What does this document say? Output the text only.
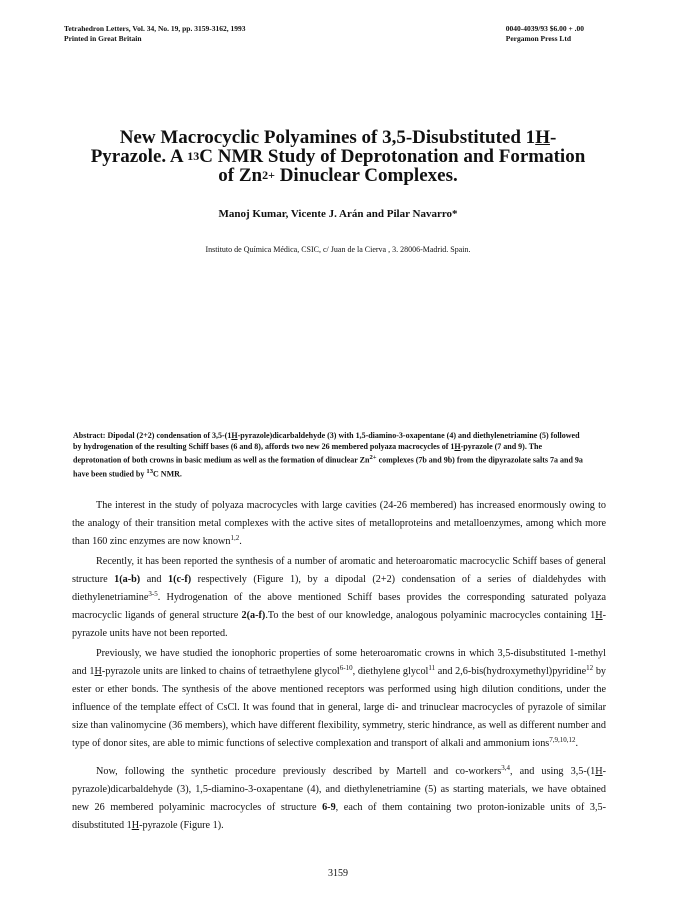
Tetrahedron Letters, Vol. 34, No. 19, pp. 3159-3162, 1993
Printed in Great Britain
0040-4039/93 $6.00 + .00
Pergamon Press Ltd
New Macrocyclic Polyamines of 3,5-Disubstituted 1H-
Pyrazole. A $^{13}$C NMR Study of Deprotonation and Formation
of $Zn^{2+}$ Dinuclear Complexes.
Manoj Kumar, Vicente J. Arán and Pilar Navarro*
Instituto de Química Médica, CSIC, c/ Juan de la Cierva , 3. 28006-Madrid. Spain.
Abstract: Dipodal (2+2) condensation of 3,5-(1H-pyrazole)dicarbaldehyde (3) with 1,5-diamino-3-oxapentane (4) and diethylenetriamine (5) followed by hydrogenation of the resulting Schiff bases (6 and 8), affords two new 26 membered polyaza macrocycles of 1H-pyrazole (7 and 9). The deprotonation of both crowns in basic medium as well as the formation of dinuclear $Zn^{2+}$ complexes (7b and 9b) from the dipyrazolate salts 7a and 9a have been studied by $^{13}$C NMR.

The interest in the study of polyaza macrocycles with large cavities (24-26 membered) has increased enormously owing to the analogy of their transition metal complexes with the active sites of metalloproteins and metalloenzymes, among which more than 160 zinc enzymes are now known$^{1,2}$.

Recently, it has been reported the synthesis of a number of aromatic and heteroaromatic macrocyclic Schiff bases of general structure 1(a-b) and 1(c-f) respectively (Figure 1), by a dipodal (2+2) condensation of a series of dialdehydes with diethylenetriamine$^{3-5}$. Hydrogenation of the above mentioned Schiff bases provides the corresponding saturated polyaza macrocyclic ligands of general structure 2(a-f).To the best of our knowledge, analogous polyaminic macrocycles containing 1H-pyrazole units have not been reported.

Previously, we have studied the ionophoric properties of some heteroaromatic crowns in which 3,5-disubstituted 1-methyl and 1H-pyrazole units are linked to chains of tetraethylene glycol$^{6-10}$, diethylene glycol$^{11}$ and 2,6-bis(hydroxymethyl)pyridine$^{12}$ by ester or ether bonds. The synthesis of the above mentioned receptors was performed using high dilution conditions, under the influence of the template effect of CsCl. It was found that in general, large di- and trinuclear macrocycles of pyrazole of similar size than valinomycine (36 members), which have different flexibility, symmetry, steric hindrance, as well as different number and type of donor sites, are able to mimic functions of selective complexation and transport of alkali and ammonium ions$^{7,9,10,12}$.

Now, following the synthetic procedure previously described by Martell and co-workers$^{3,4}$, and using 3,5-(1H-pyrazole)dicarbaldehyde (3), 1,5-diamino-3-oxapentane (4), and diethylenetriamine (5) as starting materials, we have obtained new 26 membered polyaminic macrocycles of structure 6-9, each of them containing two proton-ionizable units of 3,5-disubstituted 1H-pyrazole (Figure 1).

3159
